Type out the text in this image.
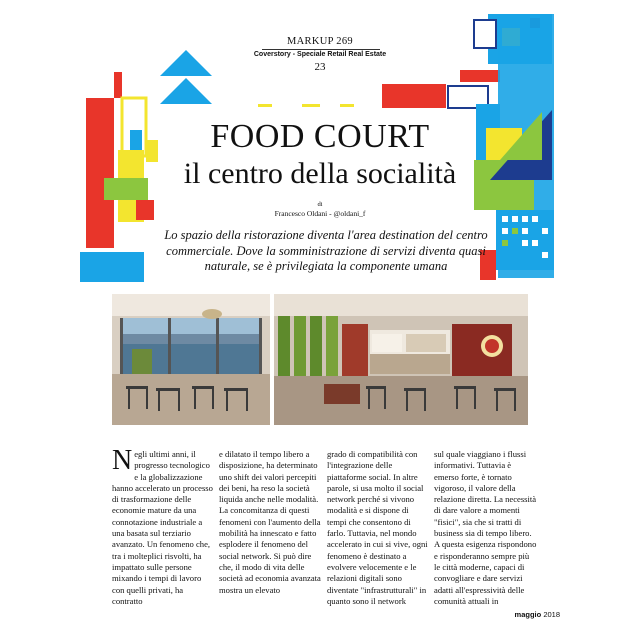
MARKUP 269
Coverstory - Speciale Retail Real Estate
23
FOOD COURT
il centro della socialità
di
Francesco Oldani - @oldani_f
Lo spazio della ristorazione diventa l'area destination del centro commerciale. Dove la somministrazione di servizi diventa quasi naturale, se è privilegiata la componente umana

Negli ultimi anni, il progresso tecnologico e la globalizzazione hanno accelerato un processo di trasformazione delle economie mature da una connotazione industriale a una basata sul terziario avanzato. Un fenomeno che, tra i molteplici risvolti, ha impattato sulle persone mixando i tempi di lavoro con quelli privati, ha contratto

e dilatato il tempo libero a disposizione, ha determinato uno shift dei valori percepiti dei beni, ha reso la società liquida anche nelle modalità. La concomitanza di questi fenomeni con l'aumento della mobilità ha innescato e fatto esplodere il fenomeno del social network. Si può dire che, il modo di vita delle società ad economia avanzata mostra un elevato

grado di compatibilità con l'integrazione delle piattaforme social. In altre parole, si usa molto il social network perché si vivono modalità e si dispone di tempi che consentono di farlo. Tuttavia, nel mondo accelerato in cui si vive, ogni fenomeno è destinato a evolvere velocemente e le relazioni digitali sono diventate "infrastrutturali" in quanto sono il network

sul quale viaggiano i flussi informativi. Tuttavia è emerso forte, è tornato vigoroso, il valore della relazione diretta. La necessità di dare valore a momenti "fisici", sia che si tratti di business sia di tempo libero. A questa esigenza rispondono e risponderanno sempre più le città moderne, capaci di convogliare e dare servizi adatti all'espressività delle comunità attuali in

maggio 2018
